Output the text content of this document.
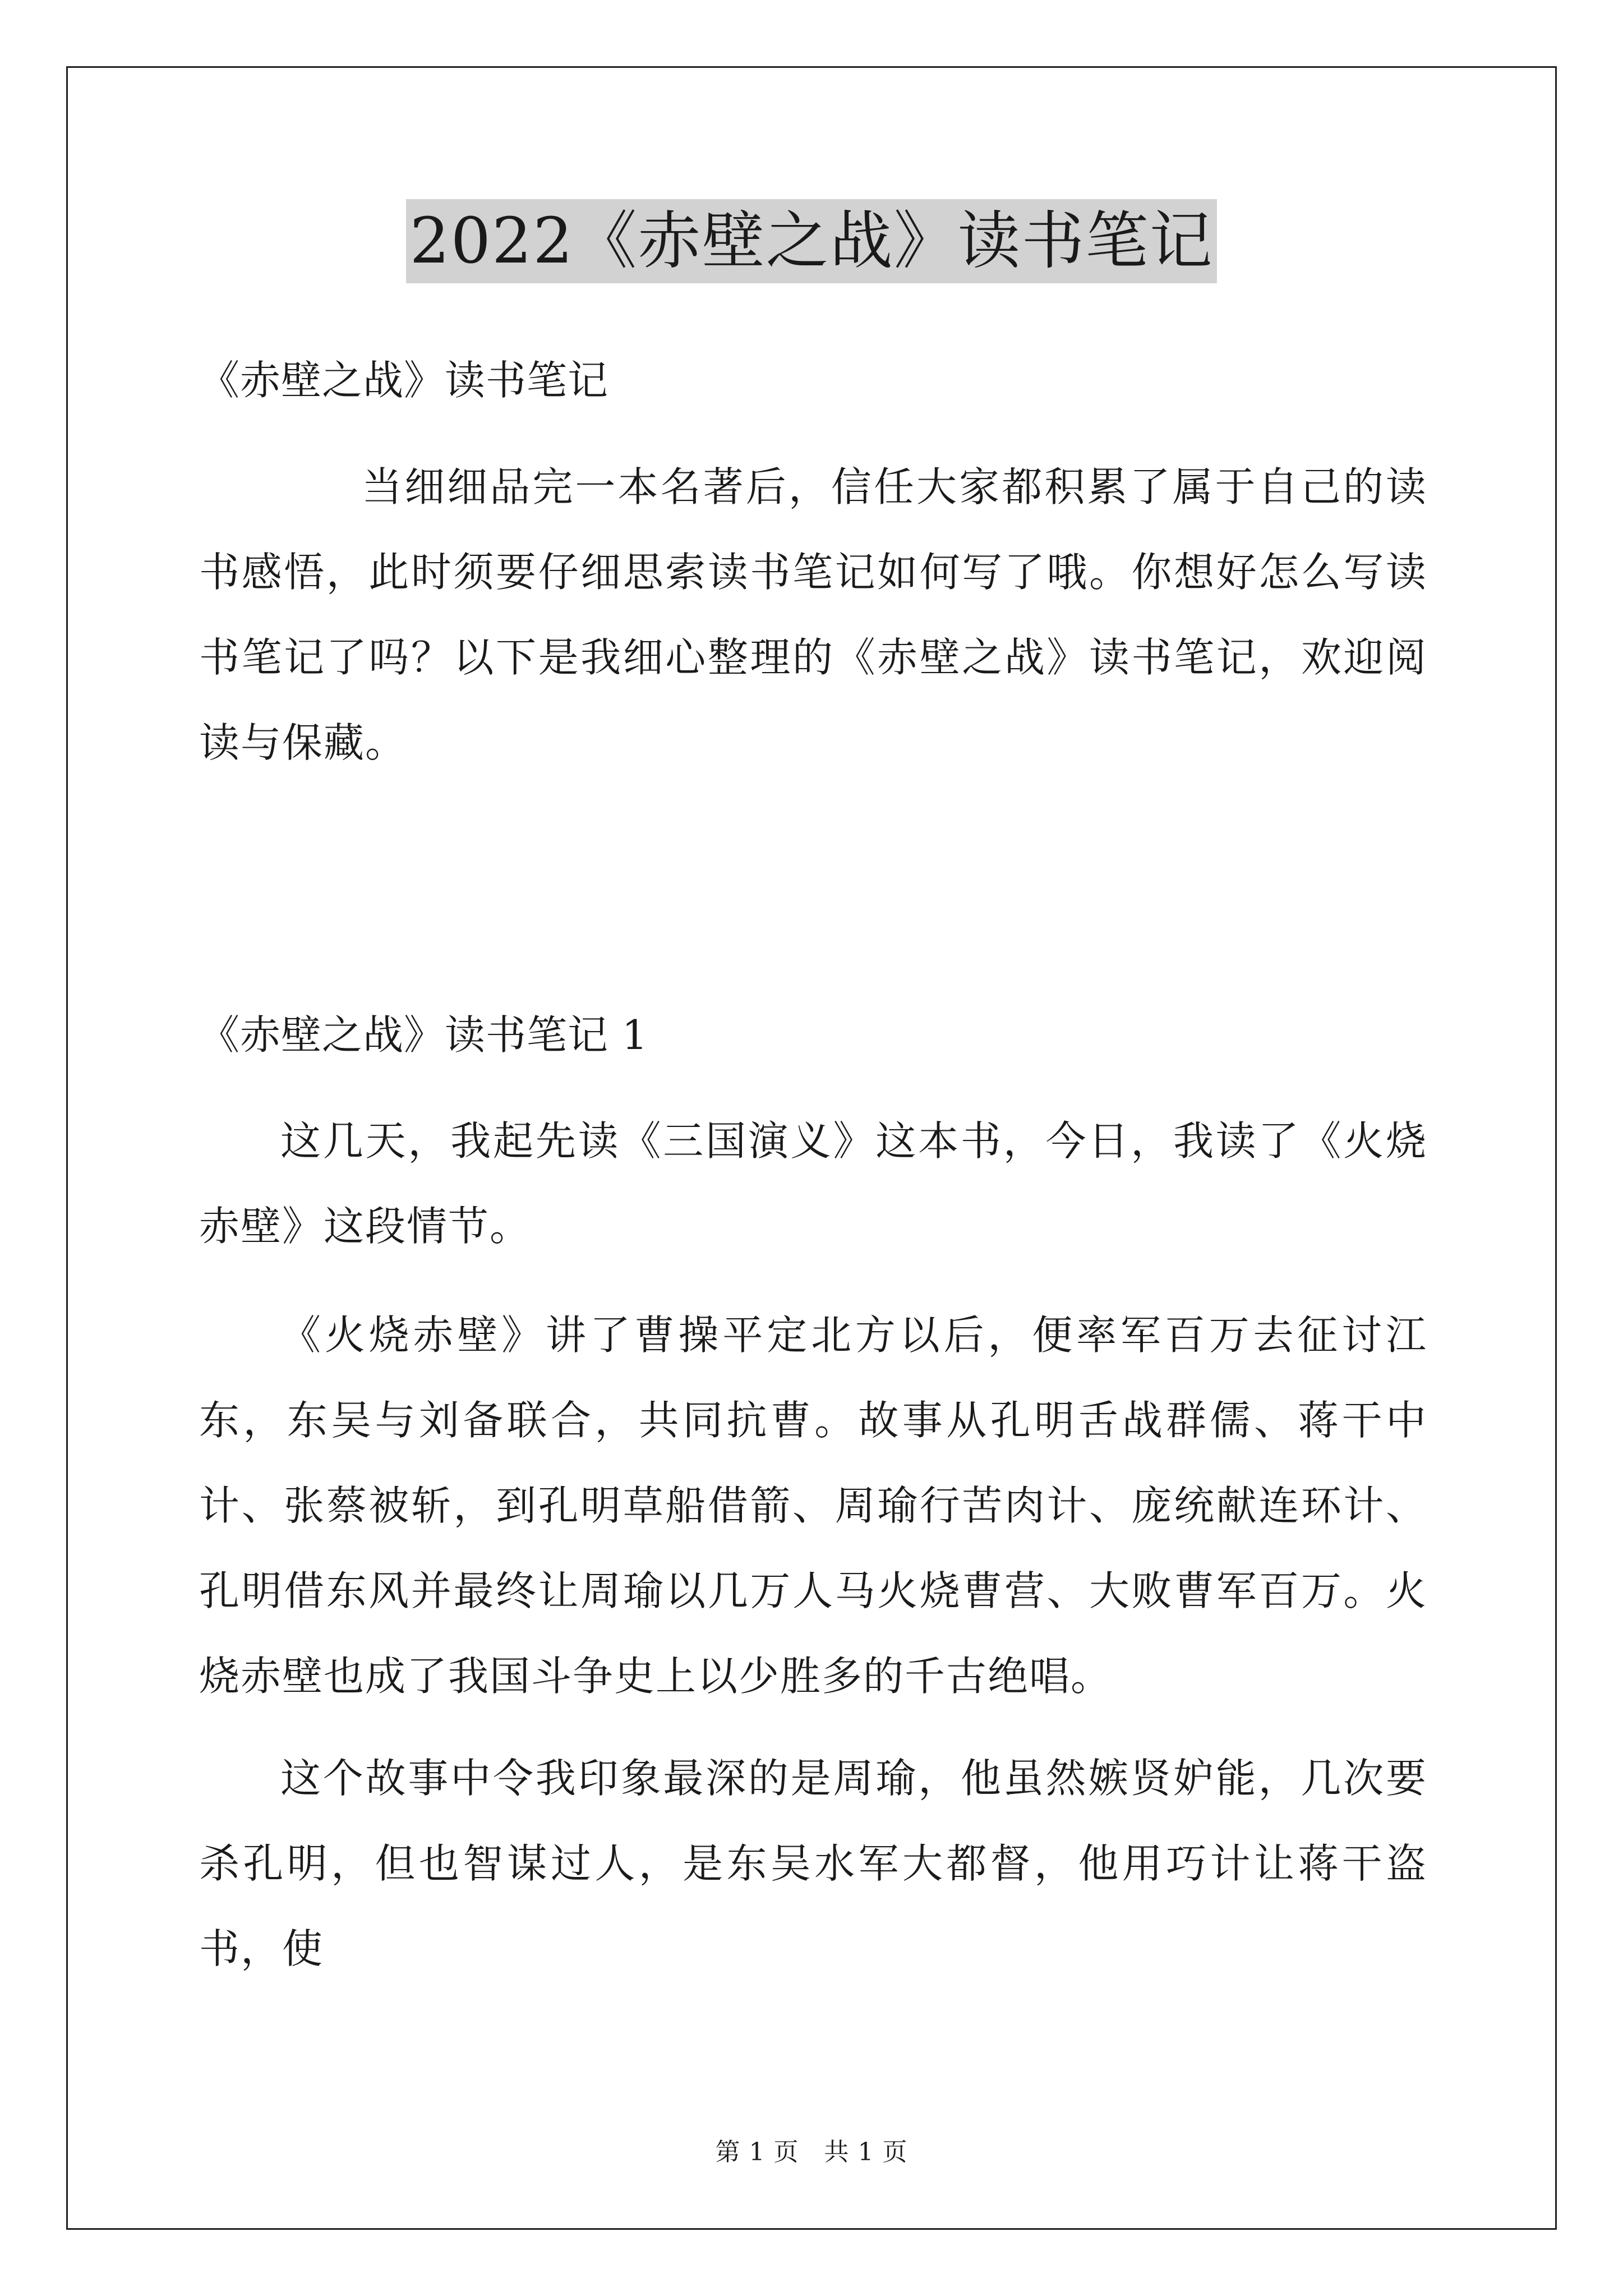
2022《赤壁之战》读书笔记
《赤壁之战》读书笔记
当细细品完一本名著后，信任大家都积累了属于自己的读书感悟，此时须要仔细思索读书笔记如何写了哦。你想好怎么写读书笔记了吗？以下是我细心整理的《赤壁之战》读书笔记，欢迎阅读与保藏。
《赤壁之战》读书笔记 1
这几天，我起先读《三国演义》这本书，今日，我读了《火烧赤壁》这段情节。
《火烧赤壁》讲了曹操平定北方以后，便率军百万去征讨江东，东吴与刘备联合，共同抗曹。故事从孔明舌战群儒、蒋干中计、张蔡被斩，到孔明草船借箭、周瑜行苦肉计、庞统献连环计、孔明借东风并最终让周瑜以几万人马火烧曹营、大败曹军百万。火烧赤壁也成了我国斗争史上以少胜多的千古绝唱。
这个故事中令我印象最深的是周瑜，他虽然嫉贤妒能，几次要杀孔明，但也智谋过人，是东吴水军大都督，他用巧计让蒋干盗书，使
第 1 页　共 1 页
